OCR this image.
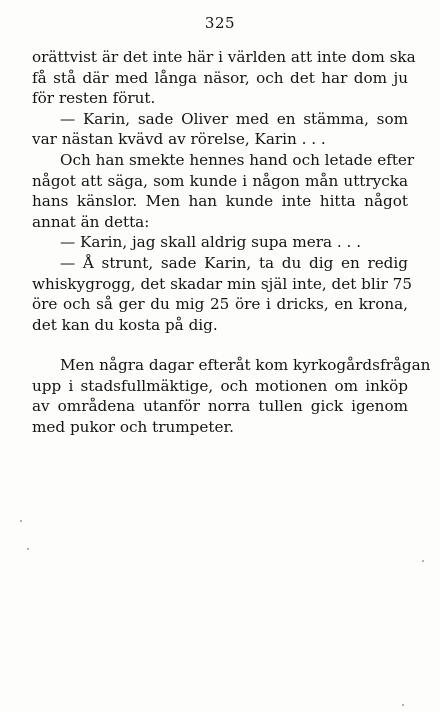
325
orättvist är det inte här i världen att inte dom ska
få stå där med långa näsor, och det har dom ju
för resten förut.
— Karin, sade Oliver med en stämma, som
var nästan kvävd av rörelse, Karin . . .
Och han smekte hennes hand och letade efter
något att säga, som kunde i någon mån uttrycka
hans känslor. Men han kunde inte hitta något
annat än detta:
— Karin, jag skall aldrig supa mera . . .
— Å strunt, sade Karin, ta du dig en redig
whiskygrogg, det skadar min själ inte, det blir 75
öre och så ger du mig 25 öre i dricks, en krona,
det kan du kosta på dig.
Men några dagar efteråt kom kyrkogårdsfrågan
upp i stadsfullmäktige, och motionen om inköp
av områdena utanför norra tullen gick igenom
med pukor och trumpeter.
